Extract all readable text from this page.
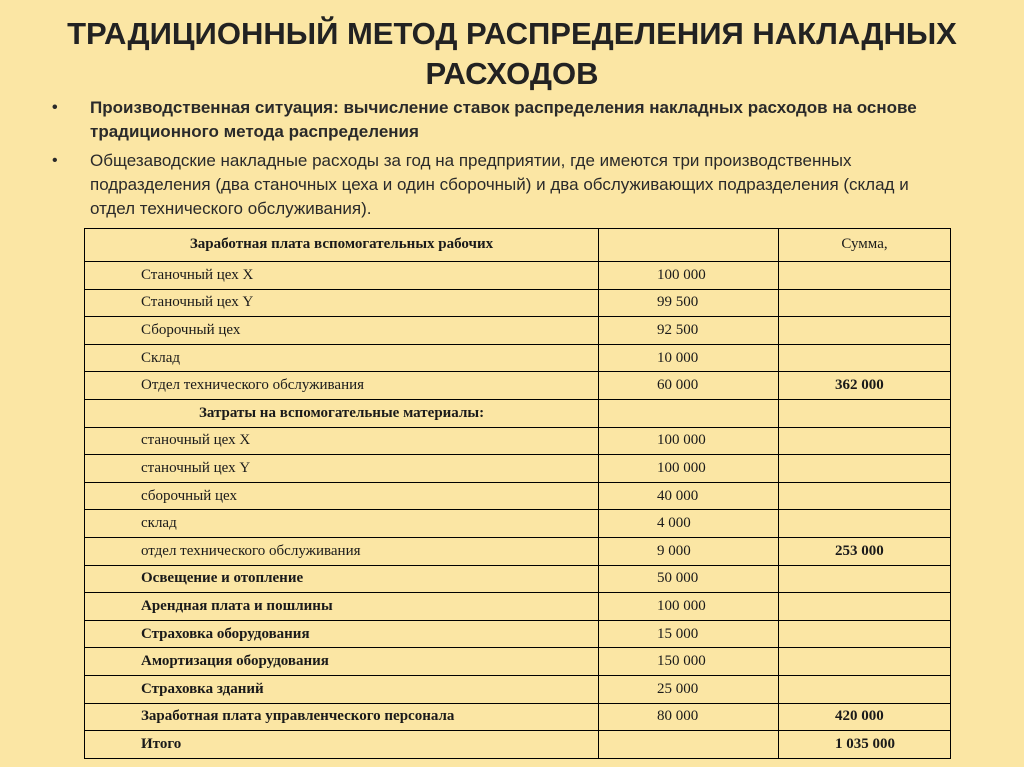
ТРАДИЦИОННЫЙ МЕТОД РАСПРЕДЕЛЕНИЯ НАКЛАДНЫХ РАСХОДОВ
• Производственная ситуация: вычисление ставок распределения накладных расходов на основе традиционного метода распределения
• Общезаводские накладные расходы за год на предприятии, где имеются три производственных подразделения (два станочных цеха и один сборочный) и два обслуживающих подразделения (склад и отдел технического обслуживания).
Заработная плата вспомогательных рабочих		Сумма,
Станочный цех X	100 000	
Станочный цех Y	99 500	
Сборочный цех	92 500	
Склад	10 000	
Отдел технического обслуживания	60 000	362 000
Затраты на вспомогательные материалы:		
станочный цех X	100 000	
станочный цех Y	100 000	
сборочный цех	40 000	
склад	4 000	
отдел технического обслуживания	9 000	253 000
Освещение и отопление	50 000	
Арендная плата и пошлины	100 000	
Страховка оборудования	15 000	
Амортизация оборудования	150 000	
Страховка зданий	25 000	
Заработная плата управленческого персонала	80 000	420 000
Итого		1 035 000
